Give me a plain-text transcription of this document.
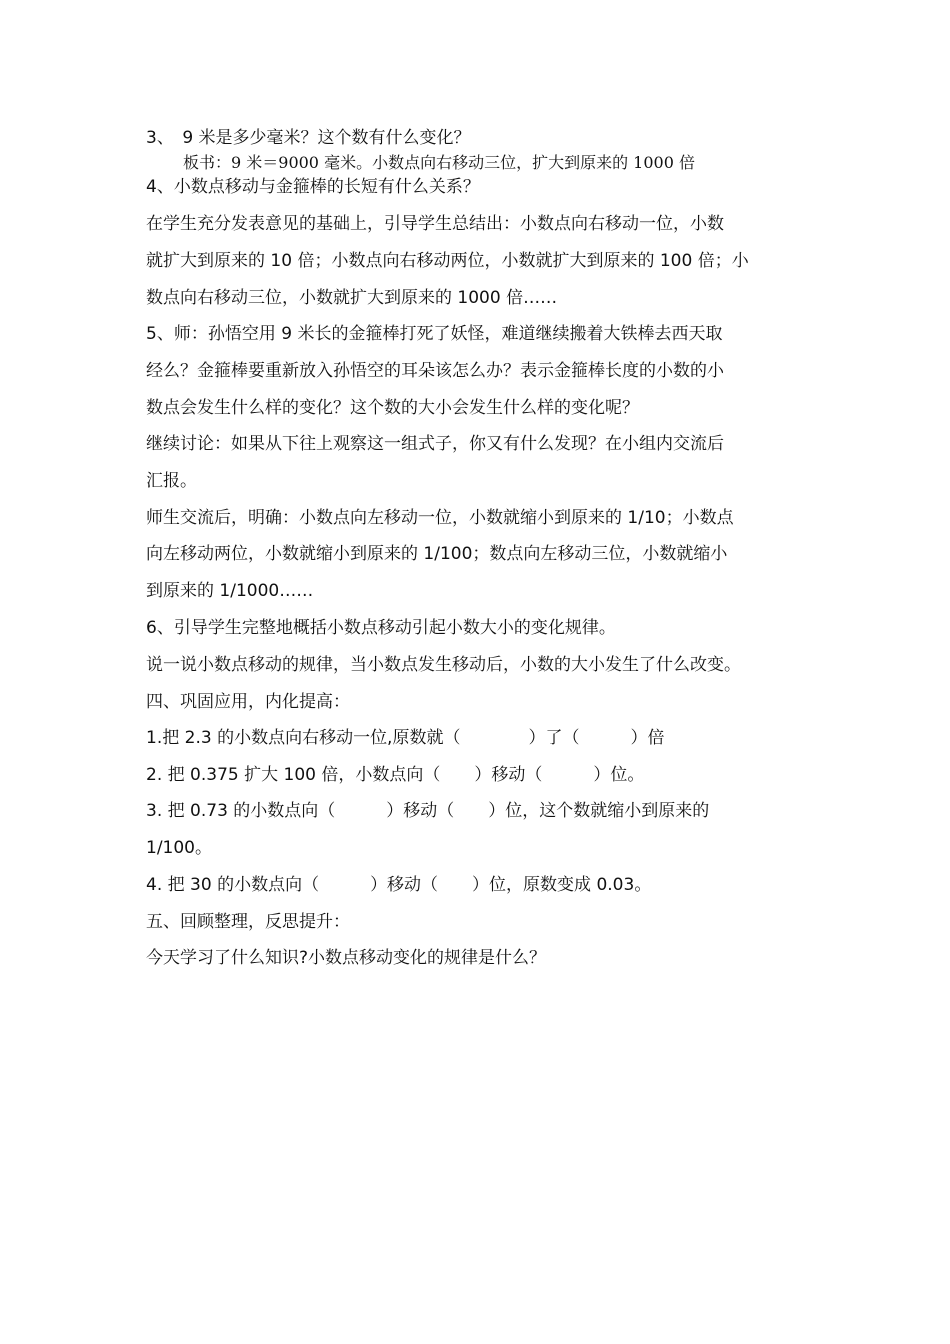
3、　9 米是多少毫米？这个数有什么变化？
板书：9 米＝9000 毫米。小数点向右移动三位，扩大到原来的 1000 倍
4、小数点移动与金箍棒的长短有什么关系？
在学生充分发表意见的基础上，引导学生总结出：小数点向右移动一位，小数
就扩大到原来的 10 倍；小数点向右移动两位，小数就扩大到原来的 100 倍；小
数点向右移动三位，小数就扩大到原来的 1000 倍……
5、师：孙悟空用 9 米长的金箍棒打死了妖怪，难道继续搬着大铁棒去西天取
经么？金箍棒要重新放入孙悟空的耳朵该怎么办？表示金箍棒长度的小数的小
数点会发生什么样的变化？这个数的大小会发生什么样的变化呢？
继续讨论：如果从下往上观察这一组式子，你又有什么发现？在小组内交流后
汇报。
师生交流后，明确：小数点向左移动一位，小数就缩小到原来的 1/10；小数点
向左移动两位，小数就缩小到原来的 1/100；数点向左移动三位，小数就缩小
到原来的 1/1000……
6、引导学生完整地概括小数点移动引起小数大小的变化规律。
说一说小数点移动的规律，当小数点发生移动后，小数的大小发生了什么改变。
四、巩固应用，内化提高：
1.把 2.3 的小数点向右移动一位,原数就（　　　　）了（　　　）倍
2. 把 0.375 扩大 100 倍，小数点向（　　）移动（　　　）位。
3. 把 0.73 的小数点向（　　　）移动（　　）位，这个数就缩小到原来的
1/100。
4. 把 30 的小数点向（　　　）移动（　　）位，原数变成 0.03。
五、回顾整理，反思提升：
今天学习了什么知识?小数点移动变化的规律是什么？
